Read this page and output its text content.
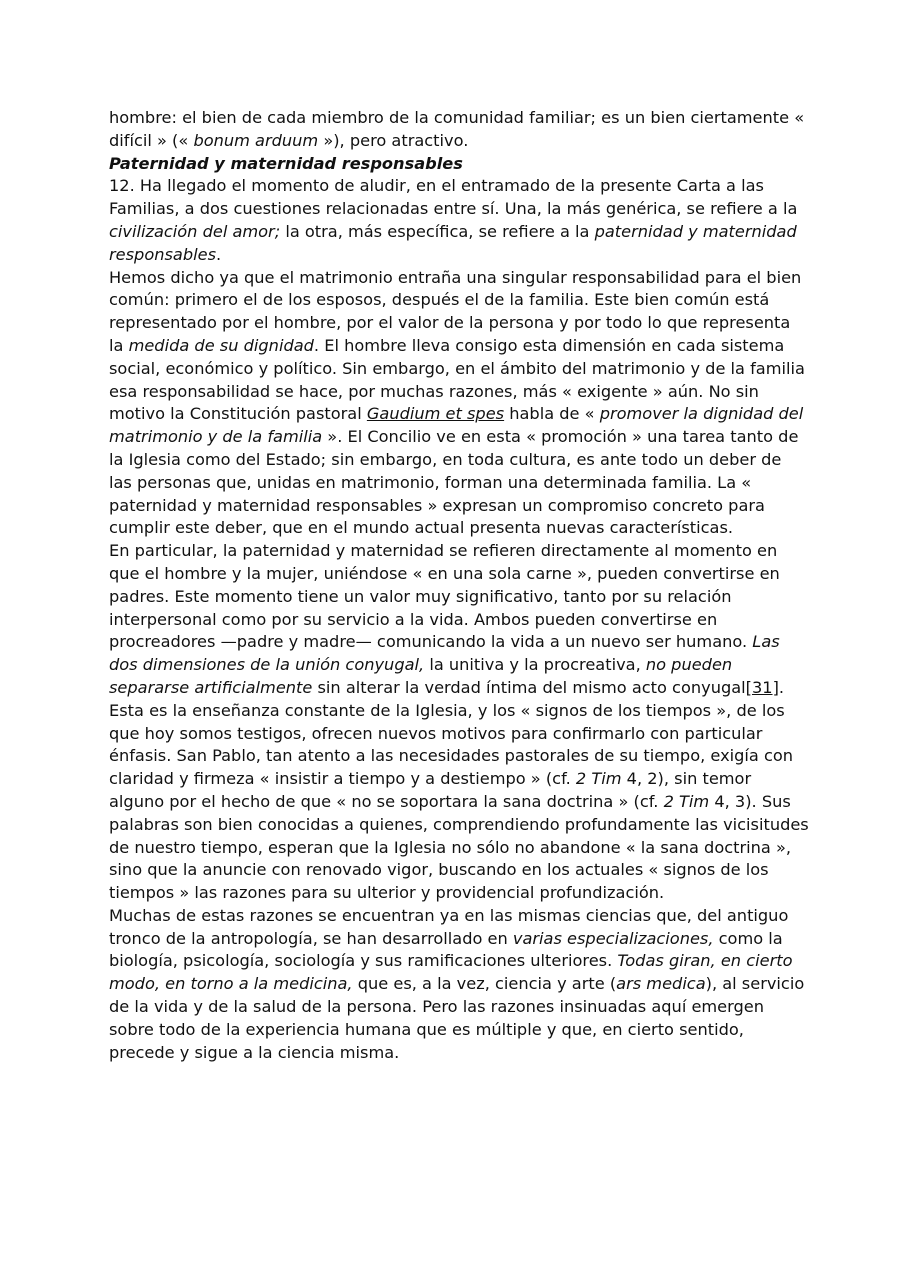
hombre: el bien de cada miembro de la comunidad familiar; es un bien ciertamente « difícil » (« bonum arduum »), pero atractivo.

Paternidad y maternidad responsables

12. Ha llegado el momento de aludir, en el entramado de la presente Carta a las Familias, a dos cuestiones relacionadas entre sí. Una, la más genérica, se refiere a la civilización del amor; la otra, más específica, se refiere a la paternidad y maternidad responsables.

Hemos dicho ya que el matrimonio entraña una singular responsabilidad para el bien común: primero el de los esposos, después el de la familia. Este bien común está representado por el hombre, por el valor de la persona y por todo lo que representa la medida de su dignidad. El hombre lleva consigo esta dimensión en cada sistema social, económico y político. Sin embargo, en el ámbito del matrimonio y de la familia esa responsabilidad se hace, por muchas razones, más « exigente » aún. No sin motivo la Constitución pastoral Gaudium et spes habla de « promover la dignidad del matrimonio y de la familia ». El Concilio ve en esta « promoción » una tarea tanto de la Iglesia como del Estado; sin embargo, en toda cultura, es ante todo un deber de las personas que, unidas en matrimonio, forman una determinada familia. La « paternidad y maternidad responsables » expresan un compromiso concreto para cumplir este deber, que en el mundo actual presenta nuevas características.

En particular, la paternidad y maternidad se refieren directamente al momento en que el hombre y la mujer, uniéndose « en una sola carne », pueden convertirse en padres. Este momento tiene un valor muy significativo, tanto por su relación interpersonal como por su servicio a la vida. Ambos pueden convertirse en procreadores —padre y madre— comunicando la vida a un nuevo ser humano. Las dos dimensiones de la unión conyugal, la unitiva y la procreativa, no pueden separarse artificialmente sin alterar la verdad íntima del mismo acto conyugal[31].

Esta es la enseñanza constante de la Iglesia, y los « signos de los tiempos », de los que hoy somos testigos, ofrecen nuevos motivos para confirmarlo con particular énfasis. San Pablo, tan atento a las necesidades pastorales de su tiempo, exigía con claridad y firmeza « insistir a tiempo y a destiempo » (cf. 2 Tim 4, 2), sin temor alguno por el hecho de que « no se soportara la sana doctrina » (cf. 2 Tim 4, 3). Sus palabras son bien conocidas a quienes, comprendiendo profundamente las vicisitudes de nuestro tiempo, esperan que la Iglesia no sólo no abandone « la sana doctrina », sino que la anuncie con renovado vigor, buscando en los actuales « signos de los tiempos » las razones para su ulterior y providencial profundización.

Muchas de estas razones se encuentran ya en las mismas ciencias que, del antiguo tronco de la antropología, se han desarrollado en varias especializaciones, como la biología, psicología, sociología y sus ramificaciones ulteriores. Todas giran, en cierto modo, en torno a la medicina, que es, a la vez, ciencia y arte (ars medica), al servicio de la vida y de la salud de la persona. Pero las razones insinuadas aquí emergen sobre todo de la experiencia humana que es múltiple y que, en cierto sentido, precede y sigue a la ciencia misma.
